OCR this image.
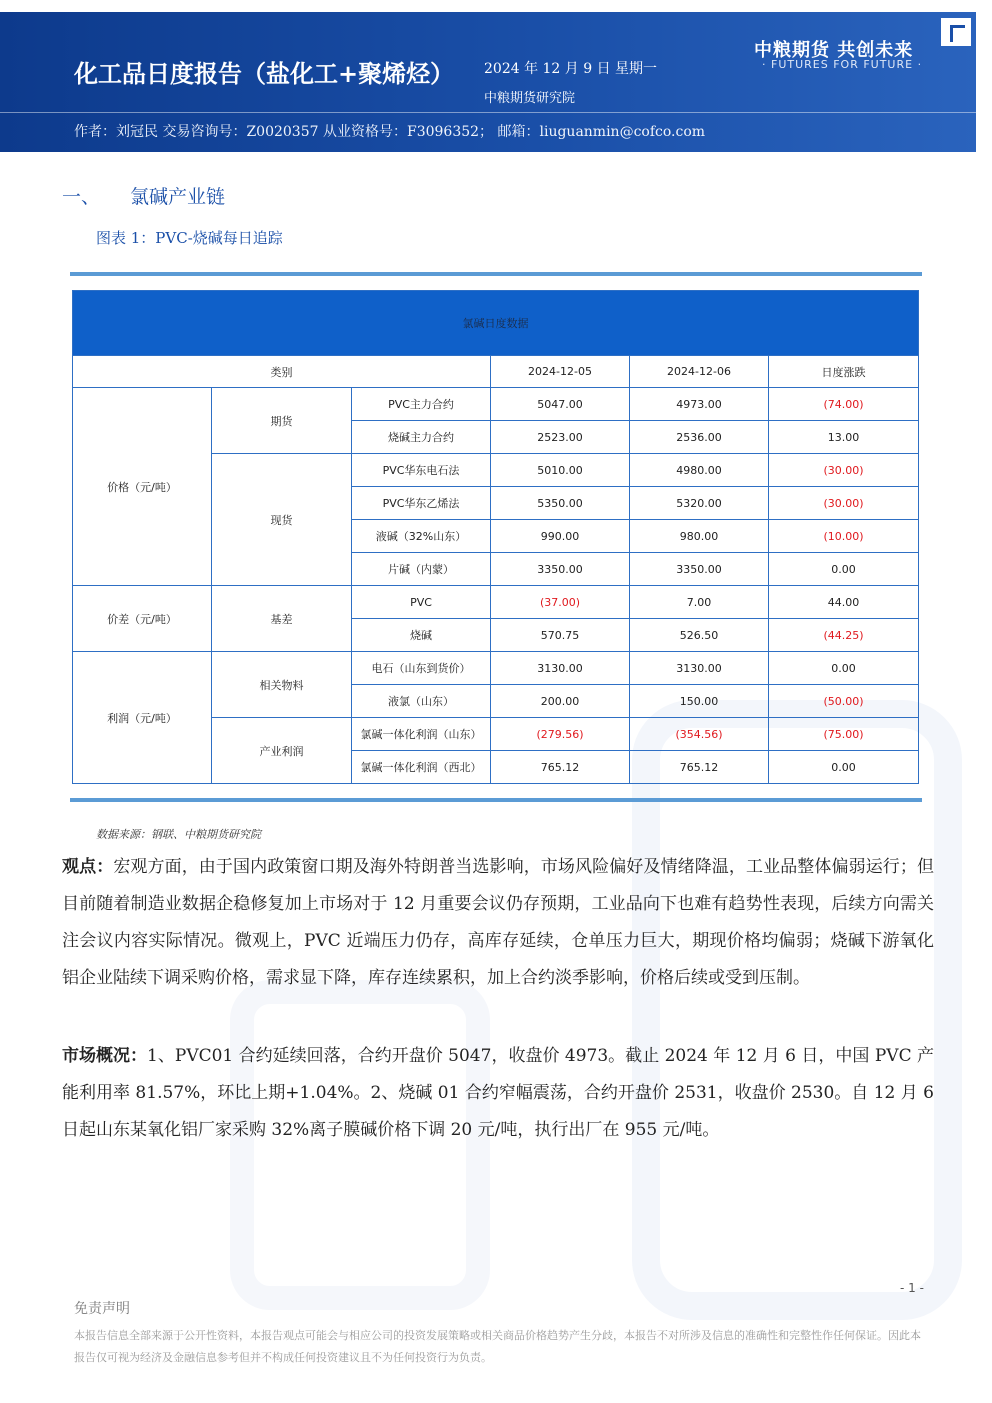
化工品日度报告（盐化工+聚烯烃） 2024 年 12 月 9 日 星期一
中粮期货研究院
中粮期货 共创未来
· FUTURES FOR FUTURE ·
作者：刘冠民 交易咨询号：Z0020357 从业资格号：F3096352； 邮箱：liuguanmin@cofco.com
一、 氯碱产业链
图表 1：PVC-烧碱每日追踪
氯碱日度数据					
类别			2024-12-05	2024-12-06	日度涨跌
价格（元/吨）	期货	PVC主力合约	5047.00	4973.00	(74.00)
		烧碱主力合约	2523.00	2536.00	13.00
	现货	PVC华东电石法	5010.00	4980.00	(30.00)
		PVC华东乙烯法	5350.00	5320.00	(30.00)
		液碱（32%山东）	990.00	980.00	(10.00)
		片碱（内蒙）	3350.00	3350.00	0.00
价差（元/吨）	基差	PVC	(37.00)	7.00	44.00
		烧碱	570.75	526.50	(44.25)
利润（元/吨）	相关物料	电石（山东到货价）	3130.00	3130.00	0.00
		液氯（山东）	200.00	150.00	(50.00)
	产业利润	氯碱一体化利润（山东）	(279.56)	(354.56)	(75.00)
		氯碱一体化利润（西北）	765.12	765.12	0.00
数据来源：钢联、中粮期货研究院
观点：宏观方面，由于国内政策窗口期及海外特朗普当选影响，市场风险偏好及情绪降温，工业品整体偏弱运行；但目前随着制造业数据企稳修复加上市场对于 12 月重要会议仍存预期，工业品向下也难有趋势性表现，后续方向需关注会议内容实际情况。微观上，PVC 近端压力仍存，高库存延续，仓单压力巨大，期现价格均偏弱；烧碱下游氧化铝企业陆续下调采购价格，需求显下降，库存连续累积，加上合约淡季影响，价格后续或受到压制。
市场概况：1、PVC01 合约延续回落，合约开盘价 5047，收盘价 4973。截止 2024 年 12 月 6 日，中国 PVC 产能利用率 81.57%，环比上期+1.04%。2、烧碱 01 合约窄幅震荡，合约开盘价 2531，收盘价 2530。自 12 月 6 日起山东某氧化铝厂家采购 32%离子膜碱价格下调 20 元/吨，执行出厂在 955 元/吨。
- 1 -
免责声明
本报告信息全部来源于公开性资料，本报告观点可能会与相应公司的投资发展策略或相关商品价格趋势产生分歧，本报告不对所涉及信息的准确性和完整性作任何保证。因此本报告仅可视为经济及金融信息参考但并不构成任何投资建议且不为任何投资行为负责。
